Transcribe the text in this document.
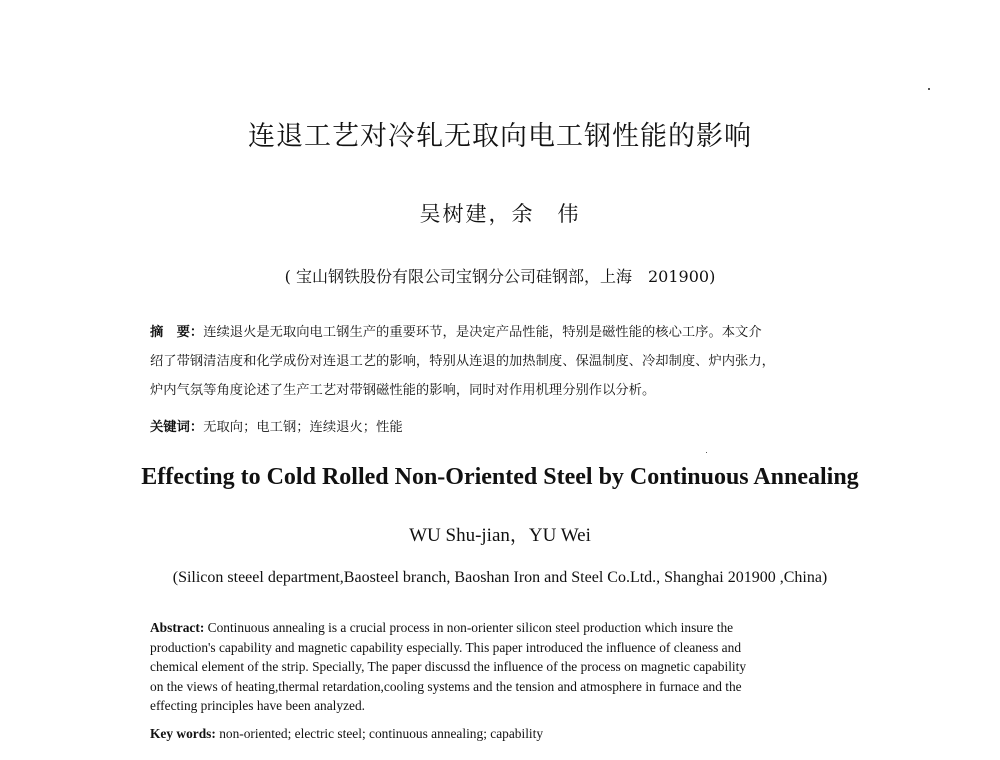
连退工艺对冷轧无取向电工钢性能的影响
吴树建，余　伟
( 宝山钢铁股份有限公司宝钢分公司硅钢部，上海　201900)
摘　要：连续退火是无取向电工钢生产的重要环节，是决定产品性能，特别是磁性能的核心工序。本文介
绍了带钢清洁度和化学成份对连退工艺的影响，特别从连退的加热制度、保温制度、冷却制度、炉内张力，
炉内气氛等角度论述了生产工艺对带钢磁性能的影响，同时对作用机理分别作以分析。
关键词：无取向；电工钢；连续退火；性能
Effecting to Cold Rolled Non-Oriented Steel by Continuous Annealing
WU Shu-jian，YU Wei
(Silicon steeel department,Baosteel branch, Baoshan Iron and Steel Co.Ltd., Shanghai 201900 ,China)
Abstract: Continuous annealing is a crucial process in non-orienter silicon steel production which insure the
production's capability and magnetic capability especially. This paper introduced the influence of cleaness and
chemical element of the strip. Specially, The paper discussd the influence of the process on magnetic capability
on the views of heating,thermal retardation,cooling systems and the tension and atmosphere in furnace and the
effecting principles have been analyzed.
Key words: non-oriented; electric steel; continuous annealing; capability
